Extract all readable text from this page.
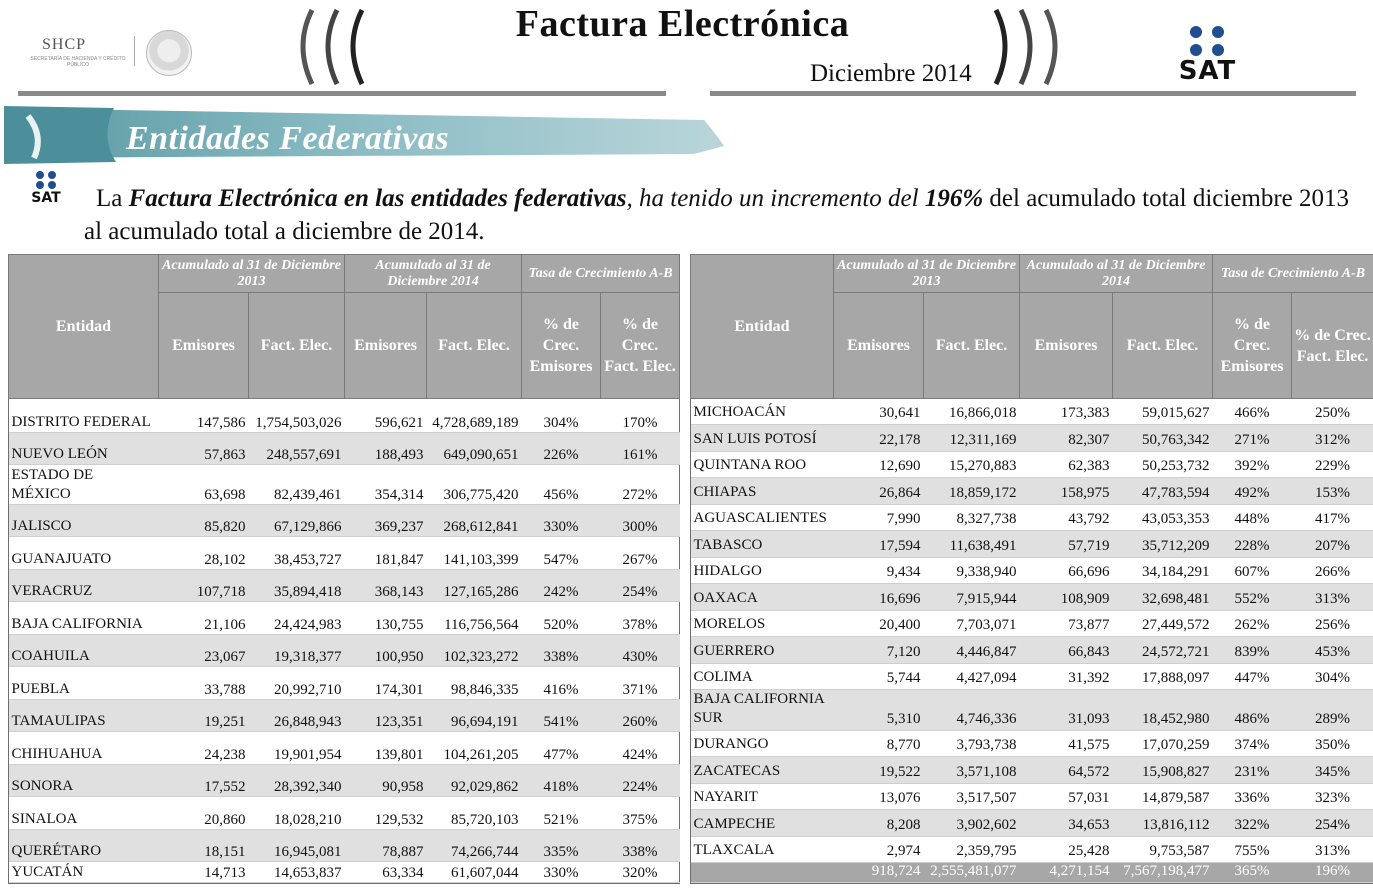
SHCP
SECRETARÍA DE HACIENDA Y CRÉDITO PÚBLICO
Factura Electrónica
Diciembre 2014	SAT
Entidades Federativas
SAT	La Factura Electrónica en las entidades federativas, ha tenido un incremento del 196% del acumulado total diciembre 2013 al acumulado total a diciembre de 2014.
Entidad	Acumulado al 31 de Diciembre 2013		Acumulado al 31 de Diciembre 2014		Tasa de Crecimiento A-B	
	Emisores	Fact. Elec.	Emisores	Fact. Elec.	% de Crec. Emisores	% de Crec. Fact. Elec.
DISTRITO FEDERAL	147,586	1,754,503,026	596,621	4,728,689,189	304%	170%
NUEVO LEÓN	57,863	248,557,691	188,493	649,090,651	226%	161%
ESTADO DE MÉXICO	63,698	82,439,461	354,314	306,775,420	456%	272%
JALISCO	85,820	67,129,866	369,237	268,612,841	330%	300%
GUANAJUATO	28,102	38,453,727	181,847	141,103,399	547%	267%
VERACRUZ	107,718	35,894,418	368,143	127,165,286	242%	254%
BAJA CALIFORNIA	21,106	24,424,983	130,755	116,756,564	520%	378%
COAHUILA	23,067	19,318,377	100,950	102,323,272	338%	430%
PUEBLA	33,788	20,992,710	174,301	98,846,335	416%	371%
TAMAULIPAS	19,251	26,848,943	123,351	96,694,191	541%	260%
CHIHUAHUA	24,238	19,901,954	139,801	104,261,205	477%	424%
SONORA	17,552	28,392,340	90,958	92,029,862	418%	224%
SINALOA	20,860	18,028,210	129,532	85,720,103	521%	375%
QUERÉTARO	18,151	16,945,081	78,887	74,266,744	335%	338%
YUCATÁN	14,713	14,653,837	63,334	61,607,044	330%	320%
Entidad	Acumulado al 31 de Diciembre 2013		Acumulado al 31 de Diciembre 2014		Tasa de Crecimiento A-B	
	Emisores	Fact. Elec.	Emisores	Fact. Elec.	% de Crec. Emisores	% de Crec. Fact. Elec.
MICHOACÁN	30,641	16,866,018	173,383	59,015,627	466%	250%
SAN LUIS POTOSÍ	22,178	12,311,169	82,307	50,763,342	271%	312%
QUINTANA ROO	12,690	15,270,883	62,383	50,253,732	392%	229%
CHIAPAS	26,864	18,859,172	158,975	47,783,594	492%	153%
AGUASCALIENTES	7,990	8,327,738	43,792	43,053,353	448%	417%
TABASCO	17,594	11,638,491	57,719	35,712,209	228%	207%
HIDALGO	9,434	9,338,940	66,696	34,184,291	607%	266%
OAXACA	16,696	7,915,944	108,909	32,698,481	552%	313%
MORELOS	20,400	7,703,071	73,877	27,449,572	262%	256%
GUERRERO	7,120	4,446,847	66,843	24,572,721	839%	453%
COLIMA	5,744	4,427,094	31,392	17,888,097	447%	304%
BAJA CALIFORNIA SUR	5,310	4,746,336	31,093	18,452,980	486%	289%
DURANGO	8,770	3,793,738	41,575	17,070,259	374%	350%
ZACATECAS	19,522	3,571,108	64,572	15,908,827	231%	345%
NAYARIT	13,076	3,517,507	57,031	14,879,587	336%	323%
CAMPECHE	8,208	3,902,602	34,653	13,816,112	322%	254%
TLAXCALA	2,974	2,359,795	25,428	9,753,587	755%	313%
	918,724	2,555,481,077	4,271,154	7,567,198,477	365%	196%
